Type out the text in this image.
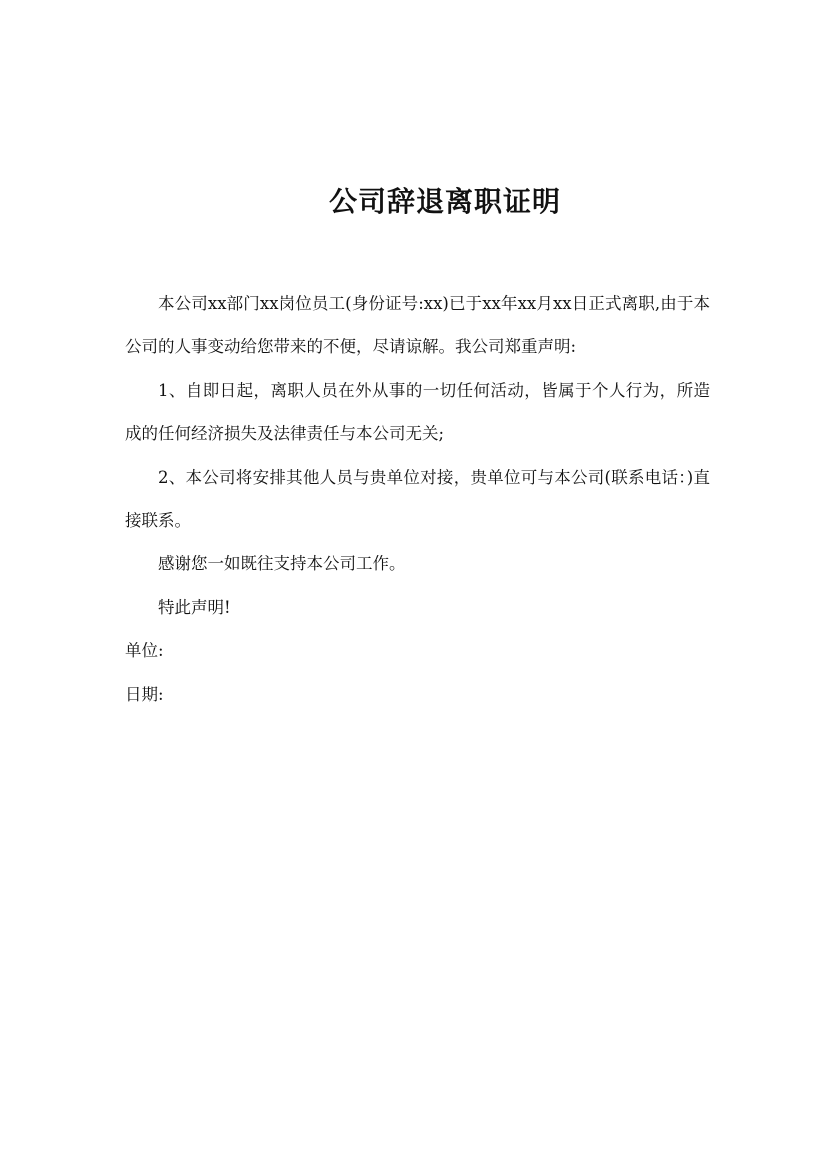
公司辞退离职证明

本公司xx部门xx岗位员工(身份证号:xx)已于xx年xx月xx日正式离职,由于本公司的人事变动给您带来的不便，尽请谅解。我公司郑重声明:

1、自即日起，离职人员在外从事的一切任何活动，皆属于个人行为，所造成的任何经济损失及法律责任与本公司无关;

2、本公司将安排其他人员与贵单位对接，贵单位可与本公司(联系电话：)直接联系。

感谢您一如既往支持本公司工作。

特此声明!

单位:

日期:
